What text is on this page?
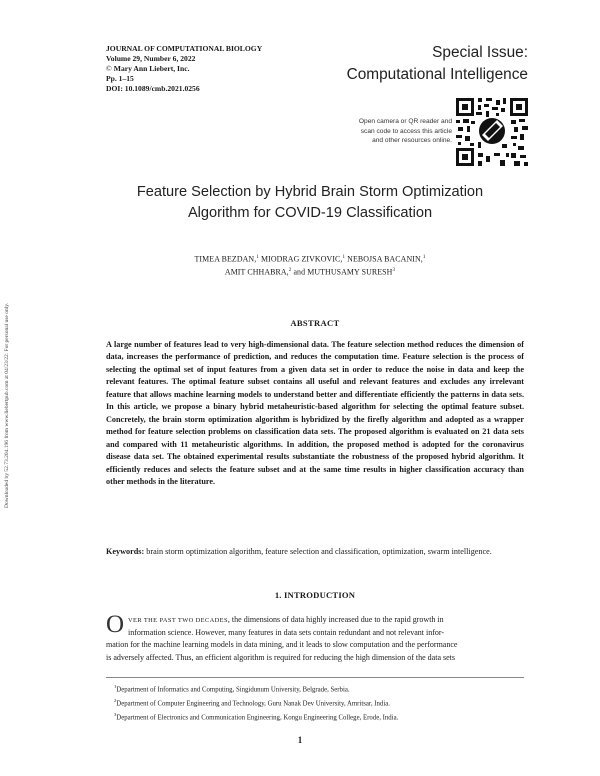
Downloaded by 52.73.204.196 from www.liebertpub.com at 04/23/22. For personal use only.
JOURNAL OF COMPUTATIONAL BIOLOGY
Volume 29, Number 6, 2022
© Mary Ann Liebert, Inc.
Pp. 1–15
DOI: 10.1089/cmb.2021.0256
Special Issue:
Computational Intelligence
Open camera or QR reader and
scan code to access this article
and other resources online.
Feature Selection by Hybrid Brain Storm Optimization
Algorithm for COVID-19 Classification
TIMEA BEZDAN,$^1$ MIODRAG ZIVKOVIC,$^1$ NEBOJSA BACANIN,$^1$
AMIT CHHABRA,$^2$ and MUTHUSAMY SURESH$^3$
ABSTRACT
A large number of features lead to very high-dimensional data. The feature selection method reduces the dimension of data, increases the performance of prediction, and reduces the computation time. Feature selection is the process of selecting the optimal set of input features from a given data set in order to reduce the noise in data and keep the relevant features. The optimal feature subset contains all useful and relevant features and excludes any irrelevant feature that allows machine learning models to understand better and differentiate efficiently the patterns in data sets. In this article, we propose a binary hybrid metaheuristic-based algorithm for selecting the optimal feature subset. Concretely, the brain storm optimization algorithm is hybridized by the firefly algorithm and adopted as a wrapper method for feature selection problems on classification data sets. The proposed algorithm is evaluated on 21 data sets and compared with 11 metaheuristic algorithms. In addition, the proposed method is adopted for the coronavirus disease data set. The obtained experimental results substantiate the robustness of the proposed hybrid algorithm. It efficiently reduces and selects the feature subset and at the same time results in higher classification accuracy than other methods in the literature.
Keywords: brain storm optimization algorithm, feature selection and classification, optimization, swarm intelligence.
1. INTRODUCTION
O VER THE PAST TWO DECADES, the dimensions of data highly increased due to the rapid growth in
information science. However, many features in data sets contain redundant and not relevant infor-
mation for the machine learning models in data mining, and it leads to slow computation and the performance
is adversely affected. Thus, an efficient algorithm is required for reducing the high dimension of the data sets
$^1$Department of Informatics and Computing, Singidunum University, Belgrade, Serbia.
$^2$Department of Computer Engineering and Technology, Guru Nanak Dev University, Amritsar, India.
$^3$Department of Electronics and Communication Engineering, Kongu Engineering College, Erode, India.
1
